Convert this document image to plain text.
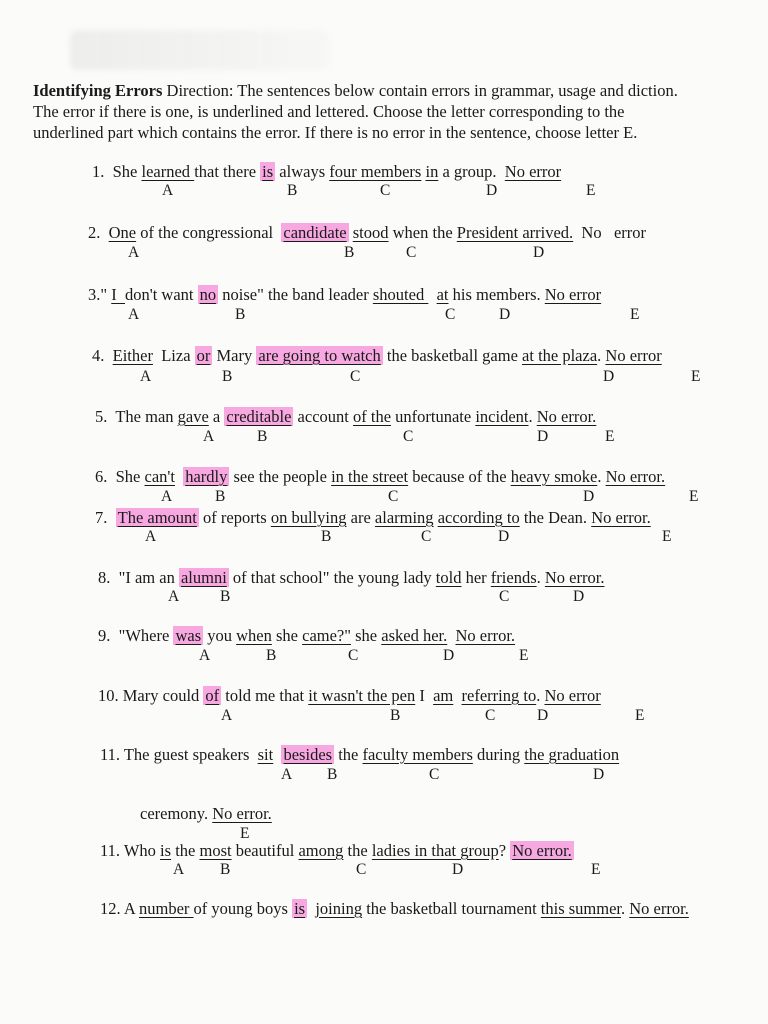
Identifying Errors Direction: The sentences below contain errors in grammar, usage and diction. The error if there is one, is underlined and lettered. Choose the letter corresponding to the underlined part which contains the error. If there is no error in the sentence, choose letter E.
1.  She learned that there is always four members in a group.  No error
A	B	C	D	E
2. One of the congressional  candidate stood when the President arrived.  No   error
A	B	C	D
3." I  don't want no noise" the band leader shouted   at his members. No error
A	B	C	D	E
4. Either  Liza or Mary are going to watch the basketball game at the plaza. No error
A	B	C	D	E
5.  The man gave a creditable account of the unfortunate incident. No error.
A	B	C	D	E
6.  She can't hardly see the people in the street because of the heavy smoke. No error.
A	B	C	D	E
7. The amount of reports on bullying are alarming according to the Dean. No error.
A	B	C	D	E
8.  "I am an alumni of that school" the young lady told her friends. No error.
A	B	C	D
9.  "Where was you when she came?" she asked her. No error.
A	B	C	D	E
10. Mary could of told me that it wasn't the pen I  am referring to. No error
A	B	C	D	E
11. The guest speakers  sit besides the faculty members during the graduation
A B	C	D
ceremony. No error.
E
11. Who is the most beautiful among the ladies in that group? No error.
A B	C	D	E
12. A number of young boys is joining the basketball tournament this summer. No error.
